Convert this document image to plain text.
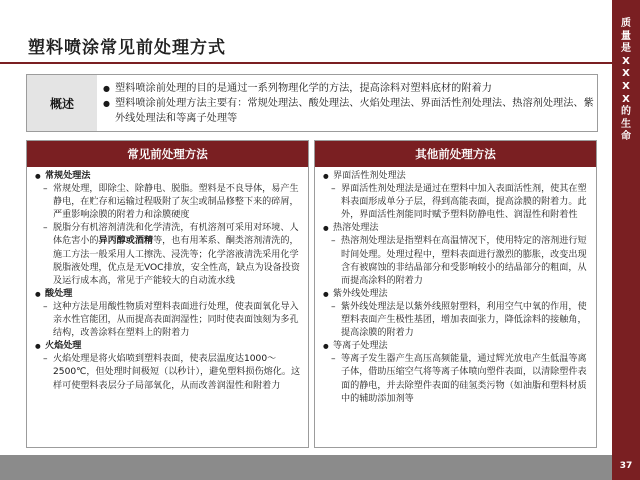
塑料喷涂常见前处理方式
质
量
是
X
X
X
X
的
生
命
37
概述
● 塑料喷涂前处理的目的是通过一系列物理化学的方法，提高涂料对塑料底材的附着力
● 塑料喷涂前处理方法主要有：常规处理法、酸处理法、火焰处理法、界面活性剂处理法、热溶剂处理法、紫外线处理法和等离子处理等
常见前处理方法
● 常规处理法
– 常规处理，即除尘、除静电、脱脂。塑料是不良导体，易产生静电，在贮存和运输过程吸附了灰尘或制品修整下来的碎屑，严重影响涂膜的附着力和涂膜硬度
– 脱脂分有机溶剂清洗和化学清洗，有机溶剂可采用对环境、人体危害小的异丙醇或酒精等，也有用苯系、酮类溶剂清洗的，施工方法一般采用人工擦洗、浸洗等；化学溶液清洗采用化学脱脂液处理，优点是无VOC排放，安全性高，缺点为设备投资及运行成本高，常见于产能较大的自动流水线
● 酸处理
– 这种方法是用酸性物质对塑料表面进行处理，使表面氧化导入亲水性官能团，从而提高表面润湿性；同时使表面蚀刻为多孔结构，改善涂料在塑料上的附着力
● 火焰处理
– 火焰处理是将火焰喷到塑料表面，使表层温度达1000～2500℃，但处理时间极短（以秒计），避免塑料损伤熔化。这样可使塑料表层分子局部氧化，从而改善润湿性和附着力
其他前处理方法
● 界面活性剂处理法
– 界面活性剂处理法是通过在塑料中加入表面活性剂，使其在塑料表面形成单分子层，得到高能表面，提高涂膜的附着力。此外，界面活性剂能同时赋予塑料防静电性、润湿性和附着性
● 热溶处理法
– 热溶剂处理法是指塑料在高温情况下，使用特定的溶剂进行短时间处理。处理过程中，塑料表面进行激烈的膨胀，改变出现含有被腐蚀的非结晶部分和受影响较小的结晶部分的粗面，从而提高涂料的附着力
● 紫外线处理法
– 紫外线处理法是以紫外线照射塑料，利用空气中氧的作用，使塑料表面产生极性基团，增加表面张力，降低涂料的接触角，提高涂膜的附着力
● 等离子处理法
– 等离子发生器产生高压高频能量，通过辉光放电产生低温等离子体，借助压缩空气将等离子体喷向塑件表面，以清除塑件表面的静电，并去除塑件表面的硅氢类污物（如油脂和塑料材质中的辅助添加剂等
